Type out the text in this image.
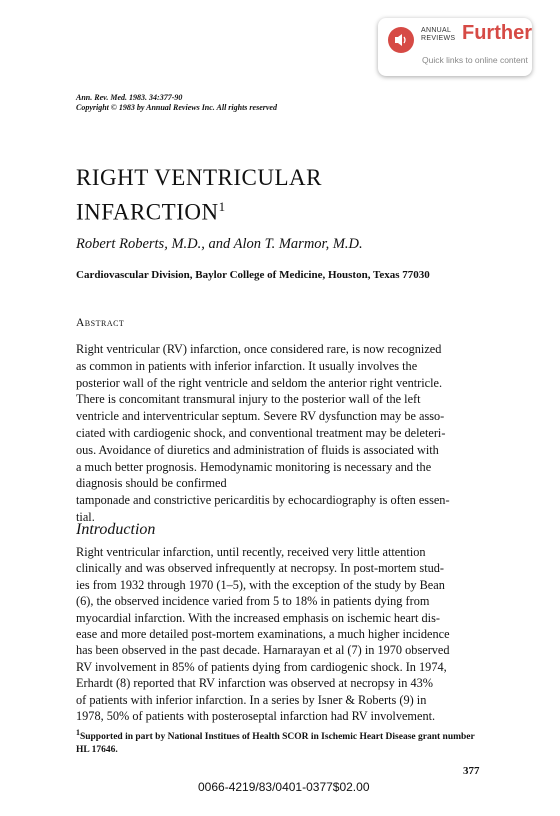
ANNUAL
REVIEWS Further
Quick links to online content
Ann. Rev. Med. 1983. 34:377-90
Copyright © 1983 by Annual Reviews Inc. All rights reserved
RIGHT VENTRICULAR
INFARCTION$^1$
Robert Roberts, M.D., and Alon T. Marmor, M.D.
Cardiovascular Division, Baylor College of Medicine, Houston, Texas 77030
Abstract
Right ventricular (RV) infarction, once considered rare, is now recognized
as common in patients with inferior infarction. It usually involves the
posterior wall of the right ventricle and seldom the anterior right ventricle.
There is concomitant transmural injury to the posterior wall of the left
ventricle and interventricular septum. Severe RV dysfunction may be asso-
ciated with cardiogenic shock, and conventional treatment may be deleteri-
ous. Avoidance of diuretics and administration of fluids is associated with
a much better prognosis. Hemodynamic monitoring is necessary and the
diagnosis should be confirmed
tamponade and constrictive pericarditis by echocardiography is often essen-
tial.
Introduction
Right ventricular infarction, until recently, received very little attention
clinically and was observed infrequently at necropsy. In post-mortem stud-
ies from 1932 through 1970 (1–5), with the exception of the study by Bean
(6), the observed incidence varied from 5 to 18% in patients dying from
myocardial infarction. With the increased emphasis on ischemic heart dis-
ease and more detailed post-mortem examinations, a much higher incidence
has been observed in the past decade. Harnarayan et al (7) in 1970 observed
RV involvement in 85% of patients dying from cardiogenic shock. In 1974,
Erhardt (8) reported that RV infarction was observed at necropsy in 43%
of patients with inferior infarction. In a series by Isner & Roberts (9) in
1978, 50% of patients with posteroseptal infarction had RV involvement.
$^1$Supported in part by National Institues of Health SCOR in Ischemic Heart Disease grant number HL 17646.
377
0066-4219/83/0401-0377$02.00
